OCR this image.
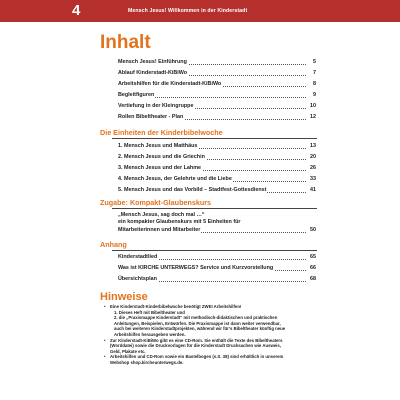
4	Mensch Jesus! Willkommen in der Kinderstadt
Inhalt
Mensch Jesus! Einführung	5
Ablauf Kinderstadt-KiBiWo	7
Arbeitshilfen für die Kinderstadt-KiBiWo	8
Begleitfiguren	9
Vertiefung in der Kleingruppe	10
Rollen Bibeltheater - Plan	12
Die Einheiten der Kinderbibelwoche
1. Mensch Jesus und Matthäus	13
2. Mensch Jesus und die Griechin	20
3. Mensch Jesus und der Lahme	26
4. Mensch Jesus, der Gelehrte und die Liebe	33
5. Mensch Jesus und das Vorbild – Stadtfest-Gottesdienst	41
Zugabe: Kompakt-Glaubenskurs
„Mensch Jesus, sag doch mal …“
ein kompakter Glaubenskurs mit 5 Einheiten für
Mitarbeiterinnen und Mitarbeiter	50
Anhang
Kinderstadtlied	65
Was ist KIRCHE UNTERWEGS? Service und Kurzvorstellung	66
Übersichtsplan	68
Hinweise
• Eine Kinderstadt-Kinderbibelwoche benötigt ZWEI Arbeitshilfen!
1. Dieses Heft mit Bibeltheater und
2. die „Praxismappe Kinderstadt“ mit methodisch-didaktischen und praktischen
Anleitungen, Beispielen, Entwürfen. Die Praxismappe ist dann weiter verwendbar,
auch bei weiteren Kinderstadtprojekten, während wir für’s Bibeltheater künftig neue
Arbeitshilfen herausgeben werden.
• Zur Kinderstadt-KiBiWo gibt es eine CD-Rom. Sie enthält die Texte des Bibeltheaters
(Worddatei) sowie die Druckvorlagen für die Kinderstadt Drucksachen wie Ausweis,
Geld, Plakate etc.
• Arbeitshilfen und CD-Rom sowie ein Bastelbogen (s.S. 38) sind erhältlich in unserem
Webshop shop.kircheunterwegs.de.
